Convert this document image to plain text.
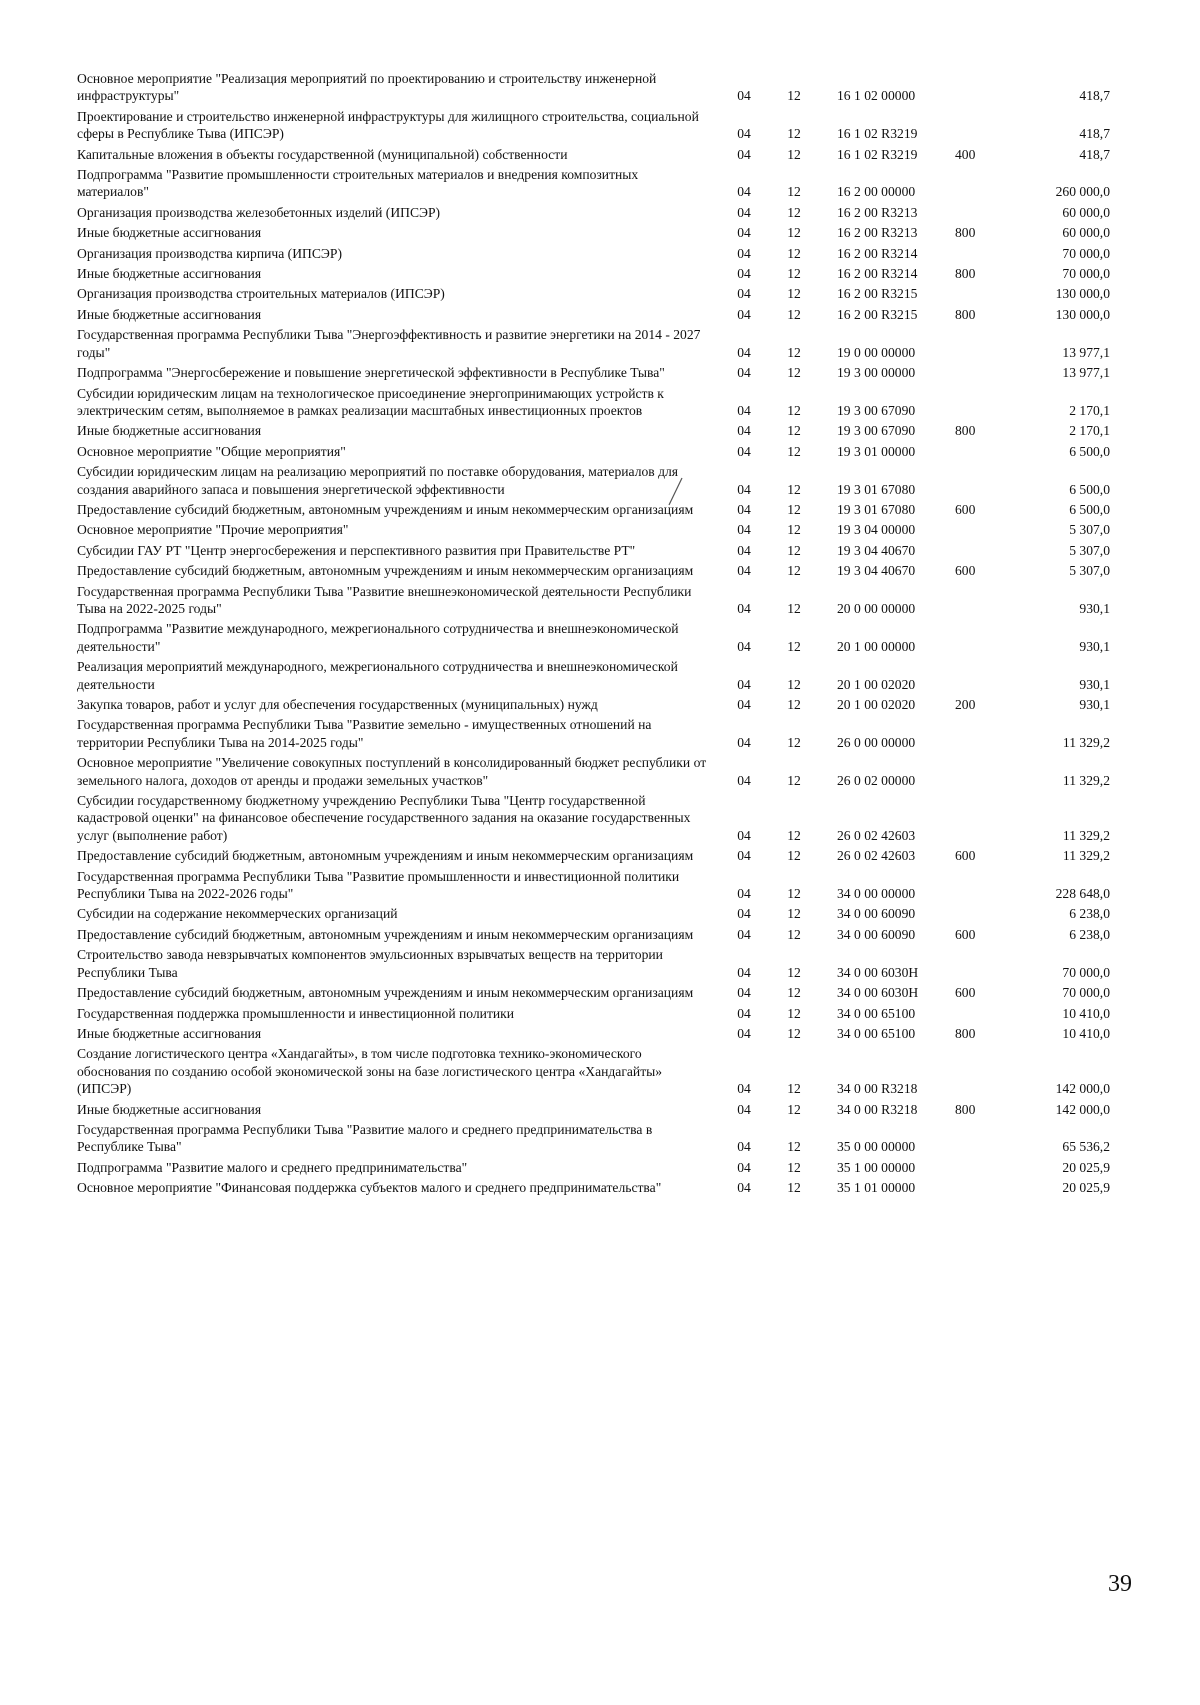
Основное мероприятие "Реализация мероприятий по проектированию и строительству инженерной инфраструктуры"	04	12	16 1 02 00000		418,7
Проектирование и строительство инженерной инфраструктуры для жилищного строительства, социальной сферы в Республике Тыва (ИПСЭР)	04	12	16 1 02 R3219		418,7
Капитальные вложения в объекты государственной (муниципальной) собственности	04	12	16 1 02 R3219	400	418,7
Подпрограмма "Развитие промышленности строительных материалов и внедрения композитных материалов"	04	12	16 2 00 00000		260 000,0
Организация производства железобетонных изделий (ИПСЭР)	04	12	16 2 00 R3213		60 000,0
Иные бюджетные ассигнования	04	12	16 2 00 R3213	800	60 000,0
Организация производства кирпича (ИПСЭР)	04	12	16 2 00 R3214		70 000,0
Иные бюджетные ассигнования	04	12	16 2 00 R3214	800	70 000,0
Организация производства строительных материалов (ИПСЭР)	04	12	16 2 00 R3215		130 000,0
Иные бюджетные ассигнования	04	12	16 2 00 R3215	800	130 000,0
Государственная программа Республики Тыва "Энергоэффективность и развитие энергетики на 2014 - 2027 годы"	04	12	19 0 00 00000		13 977,1
Подпрограмма "Энергосбережение и повышение энергетической эффективности в Республике Тыва"	04	12	19 3 00 00000		13 977,1
Субсидии юридическим лицам на технологическое присоединение энергопринимающих устройств к электрическим сетям, выполняемое в рамках реализации масштабных инвестиционных проектов	04	12	19 3 00 67090		2 170,1
Иные бюджетные ассигнования	04	12	19 3 00 67090	800	2 170,1
Основное мероприятие "Общие мероприятия"	04	12	19 3 01 00000		6 500,0
Субсидии юридическим лицам на реализацию мероприятий по поставке оборудования, материалов для создания аварийного запаса и повышения энергетической эффективности	04	12	19 3 01 67080		6 500,0
Предоставление субсидий бюджетным, автономным учреждениям и иным некоммерческим организациям	04	12	19 3 01 67080	600	6 500,0
Основное мероприятие "Прочие мероприятия"	04	12	19 3 04 00000		5 307,0
Субсидии ГАУ РТ "Центр энергосбережения и перспективного развития при Правительстве РТ"	04	12	19 3 04 40670		5 307,0
Предоставление субсидий бюджетным, автономным учреждениям и иным некоммерческим организациям	04	12	19 3 04 40670	600	5 307,0
Государственная программа Республики Тыва "Развитие внешнеэкономической деятельности Республики Тыва на 2022-2025 годы"	04	12	20 0 00 00000		930,1
Подпрограмма "Развитие международного, межрегионального сотрудничества и внешнеэкономической деятельности"	04	12	20 1 00 00000		930,1
Реализация мероприятий международного, межрегионального сотрудничества и внешнеэкономической деятельности	04	12	20 1 00 02020		930,1
Закупка товаров, работ и услуг для обеспечения государственных (муниципальных) нужд	04	12	20 1 00 02020	200	930,1
Государственная программа Республики Тыва "Развитие земельно - имущественных отношений на территории Республики Тыва на 2014-2025 годы"	04	12	26 0 00 00000		11 329,2
Основное мероприятие "Увеличение совокупных поступлений в консолидированный бюджет республики от земельного налога, доходов от аренды и продажи земельных участков"	04	12	26 0 02 00000		11 329,2
Субсидии государственному бюджетному учреждению Республики Тыва "Центр государственной кадастровой оценки" на финансовое обеспечение государственного задания на оказание государственных услуг (выполнение работ)	04	12	26 0 02 42603		11 329,2
Предоставление субсидий бюджетным, автономным учреждениям и иным некоммерческим организациям	04	12	26 0 02 42603	600	11 329,2
Государственная программа Республики Тыва "Развитие промышленности и инвестиционной политики Республики Тыва на 2022-2026 годы"	04	12	34 0 00 00000		228 648,0
Субсидии на содержание некоммерческих организаций	04	12	34 0 00 60090		6 238,0
Предоставление субсидий бюджетным, автономным учреждениям и иным некоммерческим организациям	04	12	34 0 00 60090	600	6 238,0
Строительство завода невзрывчатых компонентов эмульсионных взрывчатых веществ на территории Республики Тыва	04	12	34 0 00 6030Н		70 000,0
Предоставление субсидий бюджетным, автономным учреждениям и иным некоммерческим организациям	04	12	34 0 00 6030Н	600	70 000,0
Государственная поддержка промышленности и инвестиционной политики	04	12	34 0 00 65100		10 410,0
Иные бюджетные ассигнования	04	12	34 0 00 65100	800	10 410,0
Создание логистического центра «Хандагайты», в том числе подготовка технико-экономического обоснования по созданию особой экономической зоны на базе логистического центра «Хандагайты» (ИПСЭР)	04	12	34 0 00 R3218		142 000,0
Иные бюджетные ассигнования	04	12	34 0 00 R3218	800	142 000,0
Государственная программа Республики Тыва "Развитие малого и среднего предпринимательства в Республике Тыва"	04	12	35 0 00 00000		65 536,2
Подпрограмма "Развитие малого и среднего предпринимательства"	04	12	35 1 00 00000		20 025,9
Основное мероприятие "Финансовая поддержка субъектов малого и среднего предпринимательства"	04	12	35 1 01 00000		20 025,9
39
